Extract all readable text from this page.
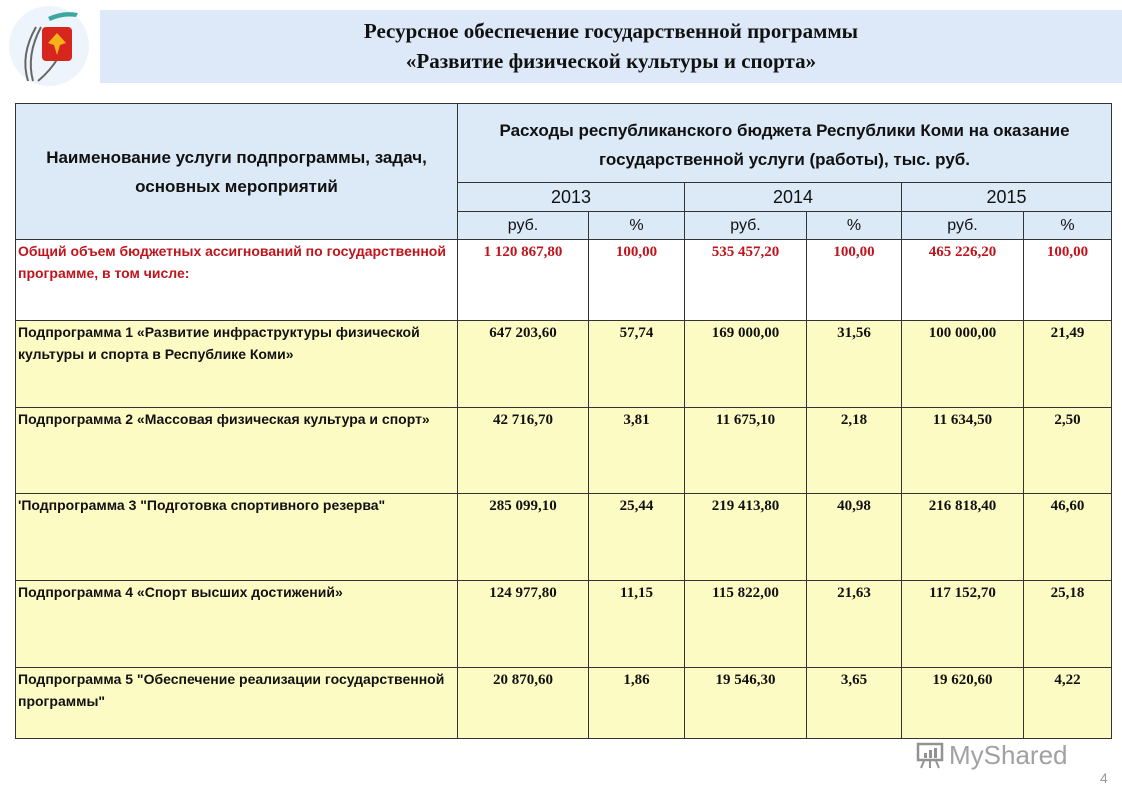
Ресурсное обеспечение государственной программы
«Развитие физической культуры и спорта»
Наименование услуги подпрограммы, задач, основных мероприятий	Расходы республиканского бюджета Республики Коми на оказание государственной услуги (работы), тыс. руб.					
	2013		2014		2015	
	руб.	%	руб.	%	руб.	%
Общий объем бюджетных ассигнований по государственной программе, в том числе:	1 120 867,80	100,00	535 457,20	100,00	465 226,20	100,00
Подпрограмма 1 «Развитие инфраструктуры физической культуры и спорта в Республике Коми»	647 203,60	57,74	169 000,00	31,56	100 000,00	21,49
Подпрограмма 2 «Массовая физическая культура и спорт»	42 716,70	3,81	11 675,10	2,18	11 634,50	2,50
'Подпрограмма 3 "Подготовка спортивного резерва"	285 099,10	25,44	219 413,80	40,98	216 818,40	46,60
Подпрограмма 4 «Спорт высших достижений»	124 977,80	11,15	115 822,00	21,63	117 152,70	25,18
Подпрограмма 5 "Обеспечение реализации государственной программы"	20 870,60	1,86	19 546,30	3,65	19 620,60	4,22
MyShared
4
